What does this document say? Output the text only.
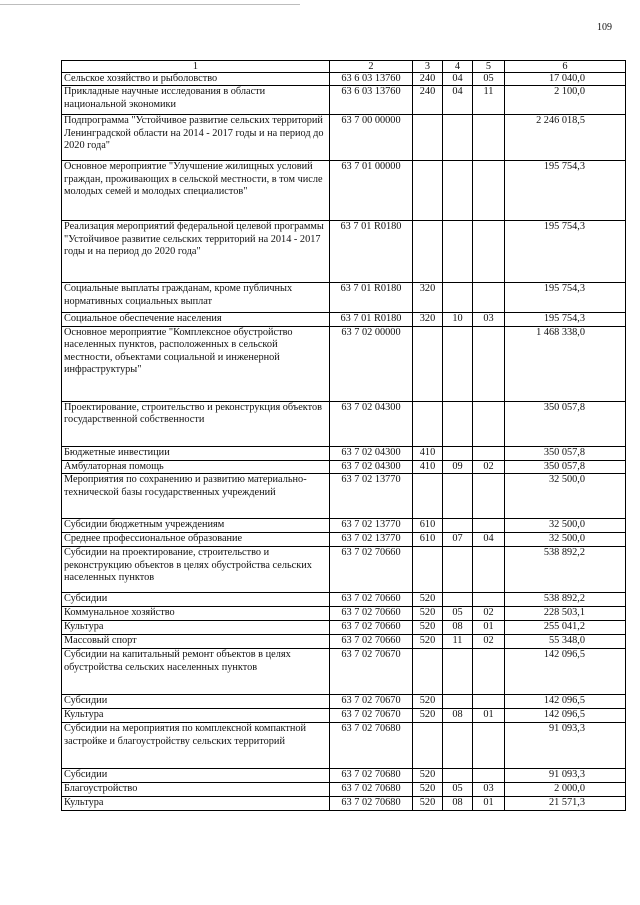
109
1	2	3	4	5	6
Сельское хозяйство и рыболовство	63 6 03 13760	240	04	05	17 040,0
Прикладные научные исследования в области национальной экономики	63 6 03 13760	240	04	11	2 100,0
Подпрограмма "Устойчивое развитие сельских территорий Ленинградской области на 2014 - 2017 годы и на период до 2020 года"	63 7 00 00000				2 246 018,5
Основное мероприятие "Улучшение жилищных условий граждан, проживающих в сельской местности, в том числе молодых семей и молодых специалистов"	63 7 01 00000				195 754,3
Реализация мероприятий федеральной целевой программы "Устойчивое развитие сельских территорий на 2014 - 2017 годы и на период до 2020 года"	63 7 01 R0180				195 754,3
Социальные выплаты гражданам, кроме публичных нормативных социальных выплат	63 7 01 R0180	320			195 754,3
Социальное обеспечение населения	63 7 01 R0180	320	10	03	195 754,3
Основное мероприятие "Комплексное обустройство населенных пунктов, расположенных в сельской местности, объектами социальной и инженерной инфраструктуры"	63 7 02 00000				1 468 338,0
Проектирование, строительство и реконструкция объектов государственной собственности	63 7 02 04300				350 057,8
Бюджетные инвестиции	63 7 02 04300	410			350 057,8
Амбулаторная помощь	63 7 02 04300	410	09	02	350 057,8
Мероприятия по сохранению и развитию материально-технической базы государственных учреждений	63 7 02 13770				32 500,0
Субсидии бюджетным учреждениям	63 7 02 13770	610			32 500,0
Среднее профессиональное образование	63 7 02 13770	610	07	04	32 500,0
Субсидии на проектирование, строительство и реконструкцию объектов в целях обустройства сельских населенных пунктов	63 7 02 70660				538 892,2
Субсидии	63 7 02 70660	520			538 892,2
Коммунальное хозяйство	63 7 02 70660	520	05	02	228 503,1
Культура	63 7 02 70660	520	08	01	255 041,2
Массовый спорт	63 7 02 70660	520	11	02	55 348,0
Субсидии на капитальный ремонт объектов в целях обустройства сельских населенных пунктов	63 7 02 70670				142 096,5
Субсидии	63 7 02 70670	520			142 096,5
Культура	63 7 02 70670	520	08	01	142 096,5
Субсидии на мероприятия по комплексной компактной застройке и благоустройству сельских территорий	63 7 02 70680				91 093,3
Субсидии	63 7 02 70680	520			91 093,3
Благоустройство	63 7 02 70680	520	05	03	2 000,0
Культура	63 7 02 70680	520	08	01	21 571,3
